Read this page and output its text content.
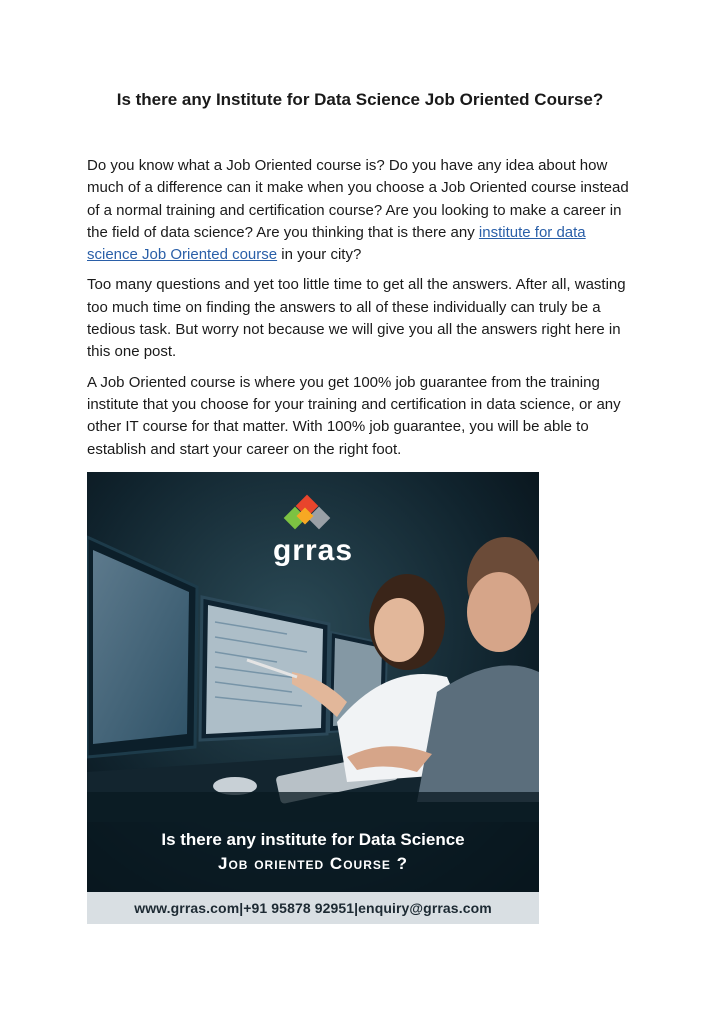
Is there any Institute for Data Science Job Oriented Course?

Do you know what a Job Oriented course is? Do you have any idea about how much of a difference can it make when you choose a Job Oriented course instead of a normal training and certification course? Are you looking to make a career in the field of data science? Are you thinking that is there any institute for data science Job Oriented course in your city?

Too many questions and yet too little time to get all the answers. After all, wasting too much time on finding the answers to all of these individually can truly be a tedious task. But worry not because we will give you all the answers right here in this one post.

A Job Oriented course is where you get 100% job guarantee from the training institute that you choose for your training and certification in data science, or any other IT course for that matter. With 100% job guarantee, you will be able to establish and start your career on the right foot.

grras
Is there any institute for Data Science
Job oriented Course ?
www.grras.com|+91 95878 92951|enquiry@grras.com
